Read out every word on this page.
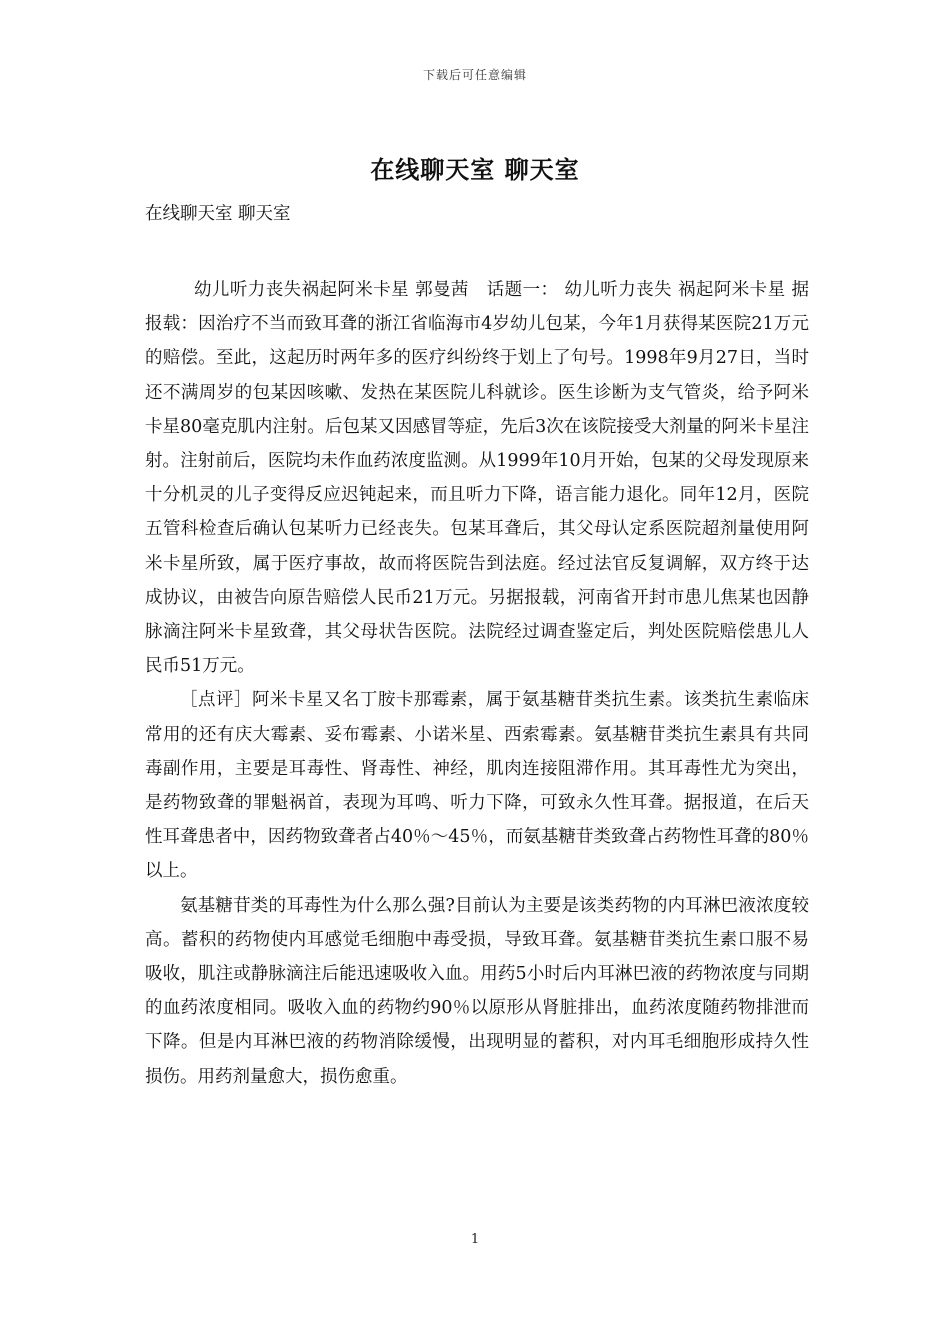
下载后可任意编辑
在线聊天室 聊天室
在线聊天室 聊天室

幼儿听力丧失祸起阿米卡星 郭曼茜　话题一： 幼儿听力丧失 祸起阿米卡星 据报载：因治疗不当而致耳聋的浙江省临海市4岁幼儿包某，今年1月获得某医院21万元的赔偿。至此，这起历时两年多的医疗纠纷终于划上了句号。1998年9月27日，当时还不满周岁的包某因咳嗽、发热在某医院儿科就诊。医生诊断为支气管炎，给予阿米卡星80毫克肌内注射。后包某又因感冒等症，先后3次在该院接受大剂量的阿米卡星注射。注射前后，医院均未作血药浓度监测。从1999年10月开始，包某的父母发现原来十分机灵的儿子变得反应迟钝起来，而且听力下降，语言能力退化。同年12月，医院五管科检查后确认包某听力已经丧失。包某耳聋后，其父母认定系医院超剂量使用阿米卡星所致，属于医疗事故，故而将医院告到法庭。经过法官反复调解，双方终于达成协议，由被告向原告赔偿人民币21万元。另据报载，河南省开封市患儿焦某也因静脉滴注阿米卡星致聋，其父母状告医院。法院经过调查鉴定后，判处医院赔偿患儿人民币51万元。

［点评］阿米卡星又名丁胺卡那霉素，属于氨基糖苷类抗生素。该类抗生素临床常用的还有庆大霉素、妥布霉素、小诺米星、西索霉素。氨基糖苷类抗生素具有共同毒副作用，主要是耳毒性、肾毒性、神经，肌肉连接阻滞作用。其耳毒性尤为突出，是药物致聋的罪魁祸首，表现为耳鸣、听力下降，可致永久性耳聋。据报道，在后天性耳聋患者中，因药物致聋者占40％～45％，而氨基糖苷类致聋占药物性耳聋的80％以上。

氨基糖苷类的耳毒性为什么那么强?目前认为主要是该类药物的内耳淋巴液浓度较高。蓄积的药物使内耳感觉毛细胞中毒受损，导致耳聋。氨基糖苷类抗生素口服不易吸收，肌注或静脉滴注后能迅速吸收入血。用药5小时后内耳淋巴液的药物浓度与同期的血药浓度相同。吸收入血的药物约90％以原形从肾脏排出，血药浓度随药物排泄而下降。但是内耳淋巴液的药物消除缓慢，出现明显的蓄积，对内耳毛细胞形成持久性损伤。用药剂量愈大，损伤愈重。

1
